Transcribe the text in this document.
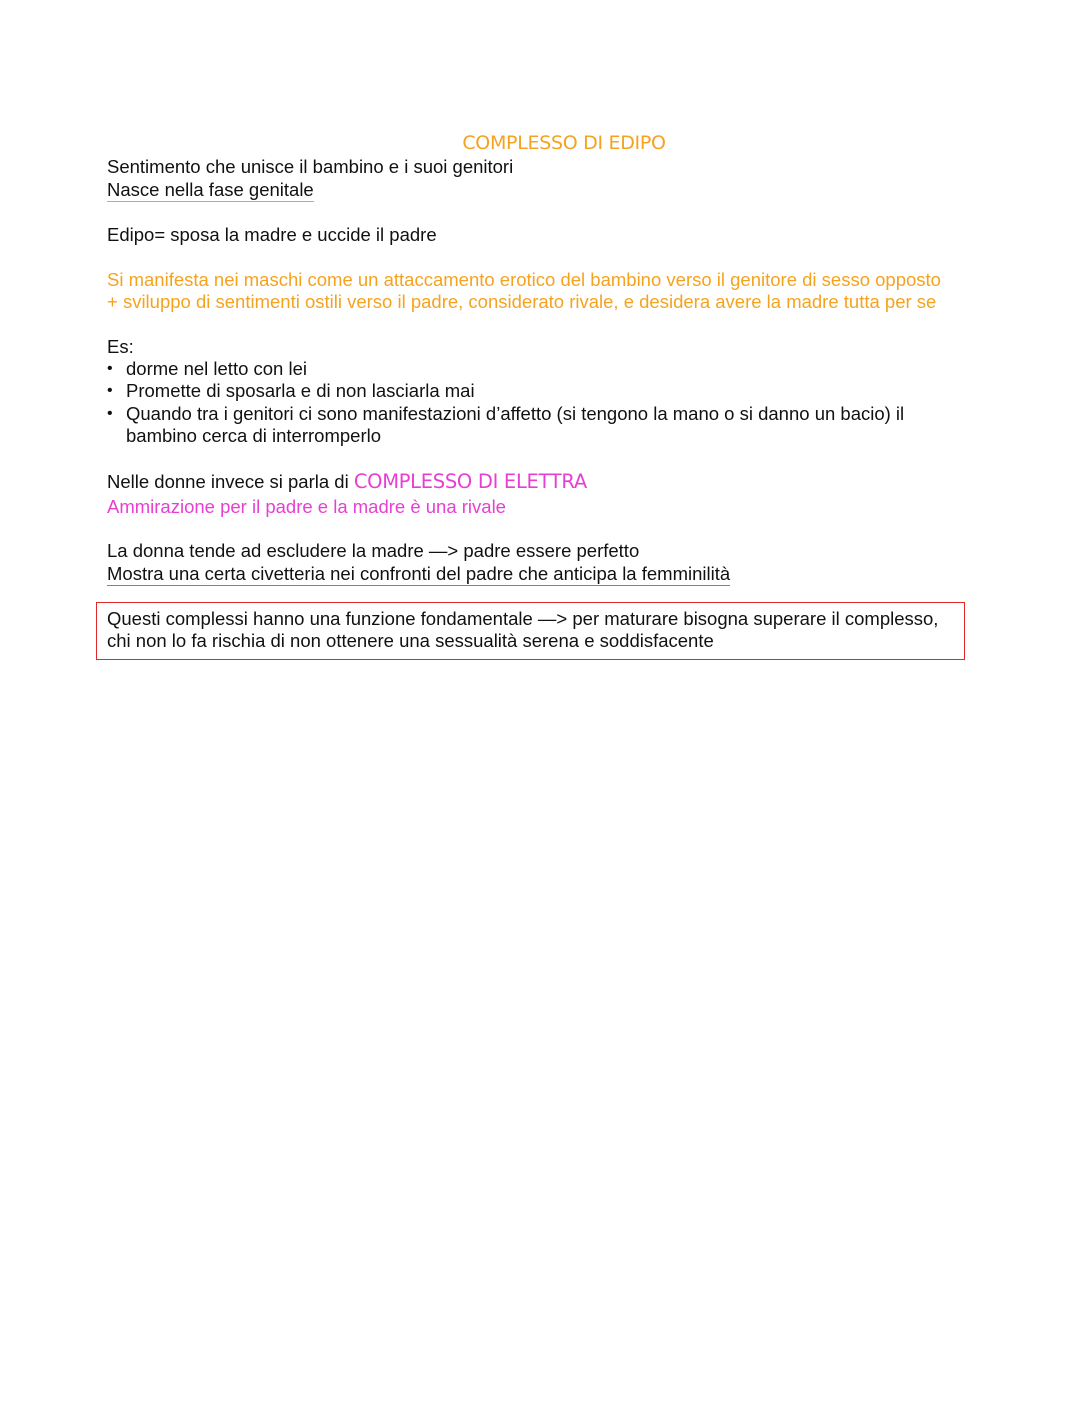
COMPLESSO DI EDIPO
Sentimento che unisce il bambino e i suoi genitori
Nasce nella fase genitale
Edipo= sposa la madre e uccide il padre
Si manifesta nei maschi come un attaccamento erotico del bambino verso il genitore di sesso opposto
+ sviluppo di sentimenti ostili verso il padre, considerato rivale, e desidera avere la madre tutta per se
Es:
• dorme nel letto con lei
• Promette di sposarla e di non lasciarla mai
• Quando tra i genitori ci sono manifestazioni d’affetto (si tengono la mano o si danno un bacio) il
bambino cerca di interromperlo
Nelle donne invece si parla di COMPLESSO DI ELETTRA
Ammirazione per il padre e la madre è una rivale
La donna tende ad escludere la madre —> padre essere perfetto
Mostra una certa civetteria nei confronti del padre che anticipa la femminilità
Questi complessi hanno una funzione fondamentale —> per maturare bisogna superare il complesso,
chi non lo fa rischia di non ottenere una sessualità serena e soddisfacente
